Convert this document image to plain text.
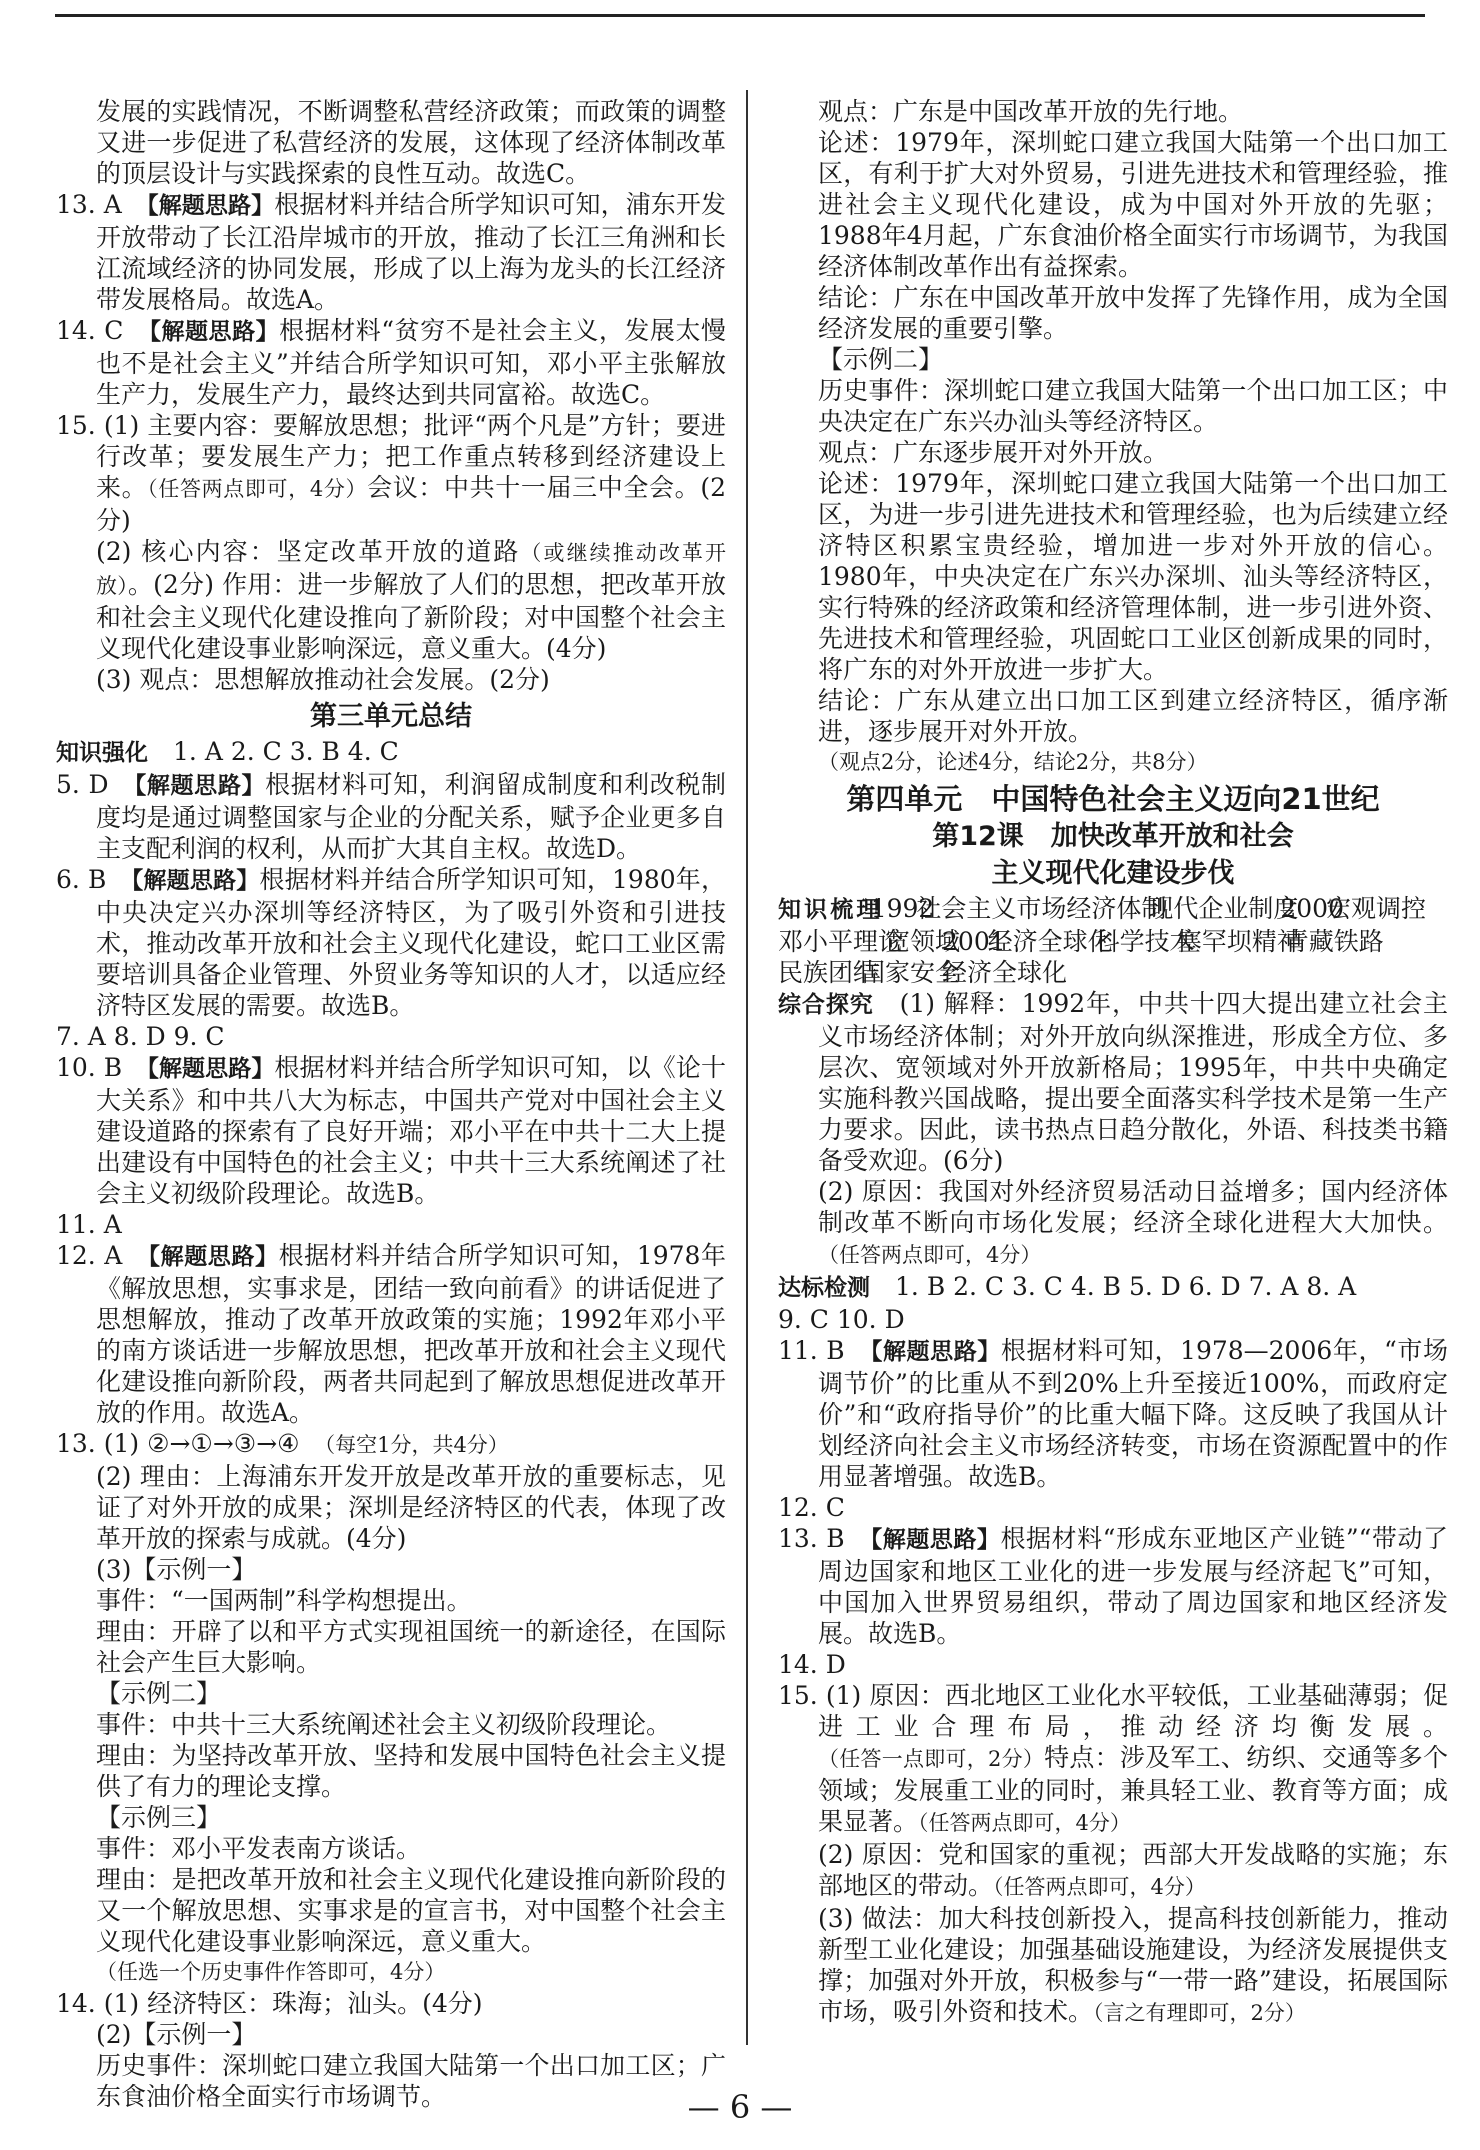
发展的实践情况，不断调整私营经济政策；而政策的调整又进一步促进了私营经济的发展，这体现了经济体制改革的顶层设计与实践探索的良性互动。故选C。

13. A　 【解题思路】根据材料并结合所学知识可知，浦东开发开放带动了长江沿岸城市的开放，推动了长江三角洲和长江流域经济的协同发展，形成了以上海为龙头的长江经济带发展格局。故选A。

14. C　 【解题思路】根据材料“贫穷不是社会主义，发展太慢也不是社会主义”并结合所学知识可知，邓小平主张解放生产力，发展生产力，最终达到共同富裕。故选C。

15. (1) 主要内容：要解放思想；批评“两个凡是”方针；要进行改革；要发展生产力；把工作重点转移到经济建设上来。（任答两点即可，4分）会议：中共十一届三中全会。(2分)

(2) 核心内容：坚定改革开放的道路（或继续推动改革开放）。(2分) 作用：进一步解放了人们的思想，把改革开放和社会主义现代化建设推向了新阶段；对中国整个社会主义现代化建设事业影响深远，意义重大。(4分)

(3) 观点：思想解放推动社会发展。(2分)

第三单元总结

知识强化　 1. A 2. C 3. B 4. C

5. D　 【解题思路】根据材料可知，利润留成制度和利改税制度均是通过调整国家与企业的分配关系，赋予企业更多自主支配利润的权利，从而扩大其自主权。故选D。

6. B　 【解题思路】根据材料并结合所学知识可知，1980年，中央决定兴办深圳等经济特区，为了吸引外资和引进技术，推动改革开放和社会主义现代化建设，蛇口工业区需要培训具备企业管理、外贸业务等知识的人才，以适应经济特区发展的需要。故选B。

7. A 8. D 9. C

10. B　 【解题思路】根据材料并结合所学知识可知，以《论十大关系》和中共八大为标志，中国共产党对中国社会主义建设道路的探索有了良好开端；邓小平在中共十二大上提出建设有中国特色的社会主义；中共十三大系统阐述了社会主义初级阶段理论。故选B。

11. A

12. A　 【解题思路】根据材料并结合所学知识可知，1978年《解放思想，实事求是，团结一致向前看》的讲话促进了思想解放，推动了改革开放政策的实施；1992年邓小平的南方谈话进一步解放思想，把改革开放和社会主义现代化建设推向新阶段，两者共同起到了解放思想促进改革开放的作用。故选A。

13. (1) ②→①→③→④　 （每空1分，共4分）

(2) 理由：上海浦东开发开放是改革开放的重要标志，见证了对外开放的成果；深圳是经济特区的代表，体现了改革开放的探索与成就。(4分)

(3)【示例一】

事件：“一国两制”科学构想提出。

理由：开辟了以和平方式实现祖国统一的新途径，在国际社会产生巨大影响。

【示例二】

事件：中共十三大系统阐述社会主义初级阶段理论。

理由：为坚持改革开放、坚持和发展中国特色社会主义提供了有力的理论支撑。

【示例三】

事件：邓小平发表南方谈话。

理由：是把改革开放和社会主义现代化建设推向新阶段的又一个解放思想、实事求是的宣言书，对中国整个社会主义现代化建设事业影响深远，意义重大。

（任选一个历史事件作答即可，4分）

14. (1) 经济特区：珠海；汕头。(4分)

(2)【示例一】

历史事件：深圳蛇口建立我国大陆第一个出口加工区；广东食油价格全面实行市场调节。

观点：广东是中国改革开放的先行地。

论述：1979年，深圳蛇口建立我国大陆第一个出口加工区，有利于扩大对外贸易，引进先进技术和管理经验，推进社会主义现代化建设，成为中国对外开放的先驱；1988年4月起，广东食油价格全面实行市场调节，为我国经济体制改革作出有益探索。

结论：广东在中国改革开放中发挥了先锋作用，成为全国经济发展的重要引擎。

【示例二】

历史事件：深圳蛇口建立我国大陆第一个出口加工区；中央决定在广东兴办汕头等经济特区。

观点：广东逐步展开对外开放。

论述：1979年，深圳蛇口建立我国大陆第一个出口加工区，为进一步引进先进技术和管理经验，也为后续建立经济特区积累宝贵经验，增加进一步对外开放的信心。1980年，中央决定在广东兴办深圳、汕头等经济特区，实行特殊的经济政策和经济管理体制，进一步引进外资、先进技术和管理经验，巩固蛇口工业区创新成果的同时，将广东的对外开放进一步扩大。

结论：广东从建立出口加工区到建立经济特区，循序渐进，逐步展开对外开放。

（观点2分，论述4分，结论2分，共8分）

第四单元　中国特色社会主义迈向21世纪
第12课　加快改革开放和社会
主义现代化建设步伐

知识梳理　1992社会主义市场经济体制现代企业制度2000宏观调控邓小平理论宽领域2001经济全球化科学技术塞罕坝精神青藏铁路民族团结国家安全经济全球化

综合探究　 (1) 解释：1992年，中共十四大提出建立社会主义市场经济体制；对外开放向纵深推进，形成全方位、多层次、宽领域对外开放新格局；1995年，中共中央确定实施科教兴国战略，提出要全面落实科学技术是第一生产力要求。因此，读书热点日趋分散化，外语、科技类书籍备受欢迎。(6分)

(2) 原因：我国对外经济贸易活动日益增多；国内经济体制改革不断向市场化发展；经济全球化进程大大加快。（任答两点即可，4分）

达标检测　 1. B 2. C 3. C 4. B 5. D 6. D 7. A 8. A

9. C 10. D

11. B　 【解题思路】根据材料可知，1978—2006年，“市场调节价”的比重从不到20%上升至接近100%，而政府定价”和“政府指导价”的比重大幅下降。这反映了我国从计划经济向社会主义市场经济转变，市场在资源配置中的作用显著增强。故选B。

12. C

13. B　 【解题思路】根据材料“形成东亚地区产业链”“带动了周边国家和地区工业化的进一步发展与经济起飞”可知，中国加入世界贸易组织，带动了周边国家和地区经济发展。故选B。

14. D

15. (1) 原因：西北地区工业化水平较低，工业基础薄弱；促进工业合理布局，推动经济均衡发展。（任答一点即可，2分）特点：涉及军工、纺织、交通等多个领域；发展重工业的同时，兼具轻工业、教育等方面；成果显著。（任答两点即可，4分）

(2) 原因：党和国家的重视；西部大开发战略的实施；东部地区的带动。（任答两点即可，4分）

(3) 做法：加大科技创新投入，提高科技创新能力，推动新型工业化建设；加强基础设施建设，为经济发展提供支撑；加强对外开放，积极参与“一带一路”建设，拓展国际市场，吸引外资和技术。（言之有理即可，2分）

— 6 —
